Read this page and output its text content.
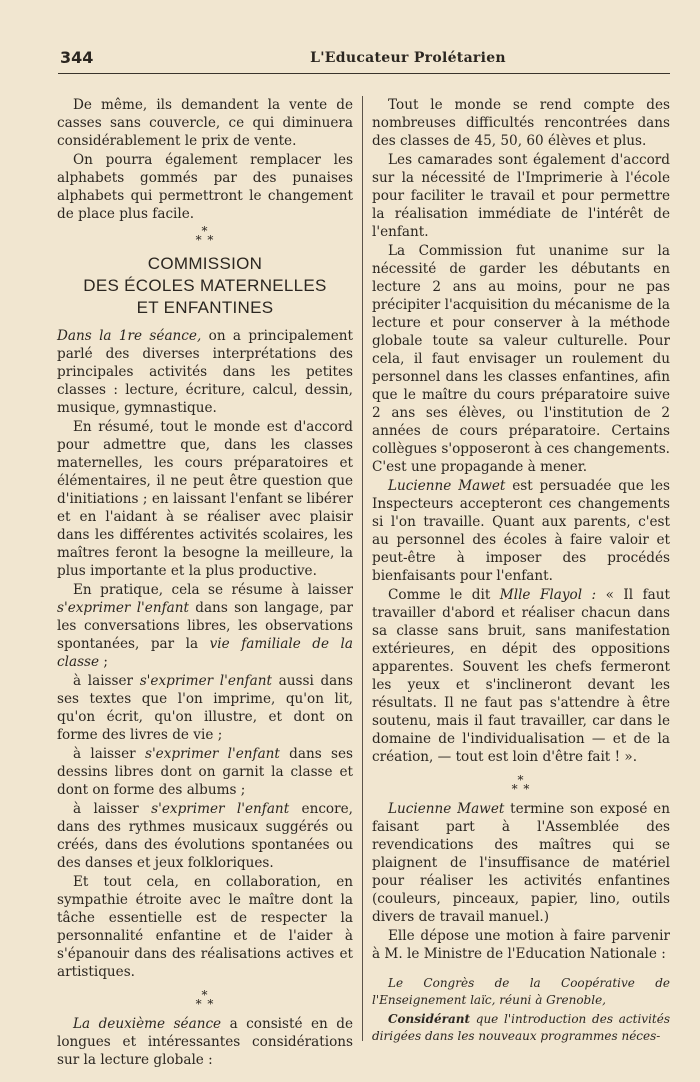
344	L'Educateur Prolétarien

De même, ils demandent la vente de casses sans couvercle, ce qui diminuera considérablement le prix de vente.

On pourra également remplacer les alphabets gommés par des punaises alphabets qui permettront le changement de place plus facile.

*
* *
COMMISSION
DES ÉCOLES MATERNELLES
ET ENFANTINES

Dans la 1re séance, on a principalement parlé des diverses interprétations des principales activités dans les petites classes : lecture, écriture, calcul, dessin, musique, gymnastique.

En résumé, tout le monde est d'accord pour admettre que, dans les classes maternelles, les cours préparatoires et élémentaires, il ne peut être question que d'initiations ; en laissant l'enfant se libérer et en l'aidant à se réaliser avec plaisir dans les différentes activités scolaires, les maîtres feront la besogne la meilleure, la plus importante et la plus productive.

En pratique, cela se résume à laisser s'exprimer l'enfant dans son langage, par les conversations libres, les observations spontanées, par la vie familiale de la classe ;

à laisser s'exprimer l'enfant aussi dans ses textes que l'on imprime, qu'on lit, qu'on écrit, qu'on illustre, et dont on forme des livres de vie ;

à laisser s'exprimer l'enfant dans ses dessins libres dont on garnit la classe et dont on forme des albums ;

à laisser s'exprimer l'enfant encore, dans des rythmes musicaux suggérés ou créés, dans des évolutions spontanées ou des danses et jeux folkloriques.

Et tout cela, en collaboration, en sympathie étroite avec le maître dont la tâche essentielle est de respecter la personnalité enfantine et de l'aider à s'épanouir dans des réalisations actives et artistiques.

*
* *

La deuxième séance a consisté en de longues et intéressantes considérations sur la lecture globale :

Tout le monde se rend compte des nombreuses difficultés rencontrées dans des classes de 45, 50, 60 élèves et plus.

Les camarades sont également d'accord sur la nécessité de l'Imprimerie à l'école pour faciliter le travail et pour permettre la réalisation immédiate de l'intérêt de l'enfant.

La Commission fut unanime sur la nécessité de garder les débutants en lecture 2 ans au moins, pour ne pas précipiter l'acquisition du mécanisme de la lecture et pour conserver à la méthode globale toute sa valeur culturelle. Pour cela, il faut envisager un roulement du personnel dans les classes enfantines, afin que le maître du cours préparatoire suive 2 ans ses élèves, ou l'institution de 2 années de cours préparatoire. Certains collègues s'opposeront à ces changements. C'est une propagande à mener.

Lucienne Mawet est persuadée que les Inspecteurs accepteront ces changements si l'on travaille. Quant aux parents, c'est au personnel des écoles à faire valoir et peut-être à imposer des procédés bienfaisants pour l'enfant.

Comme le dit Mlle Flayol : « Il faut travailler d'abord et réaliser chacun dans sa classe sans bruit, sans manifestation extérieures, en dépit des oppositions apparentes. Souvent les chefs fermeront les yeux et s'inclineront devant les résultats. Il ne faut pas s'attendre à être soutenu, mais il faut travailler, car dans le domaine de l'individualisation — et de la création, — tout est loin d'être fait ! ».

*
* *

Lucienne Mawet termine son exposé en faisant part à l'Assemblée des revendications des maîtres qui se plaignent de l'insuffisance de matériel pour réaliser les activités enfantines (couleurs, pinceaux, papier, lino, outils divers de travail manuel.)

Elle dépose une motion à faire parvenir à M. le Ministre de l'Education Nationale :

Le Congrès de la Coopérative de l'Enseignement laïc, réuni à Grenoble,

Considérant que l'introduction des activités dirigées dans les nouveaux programmes néces-
